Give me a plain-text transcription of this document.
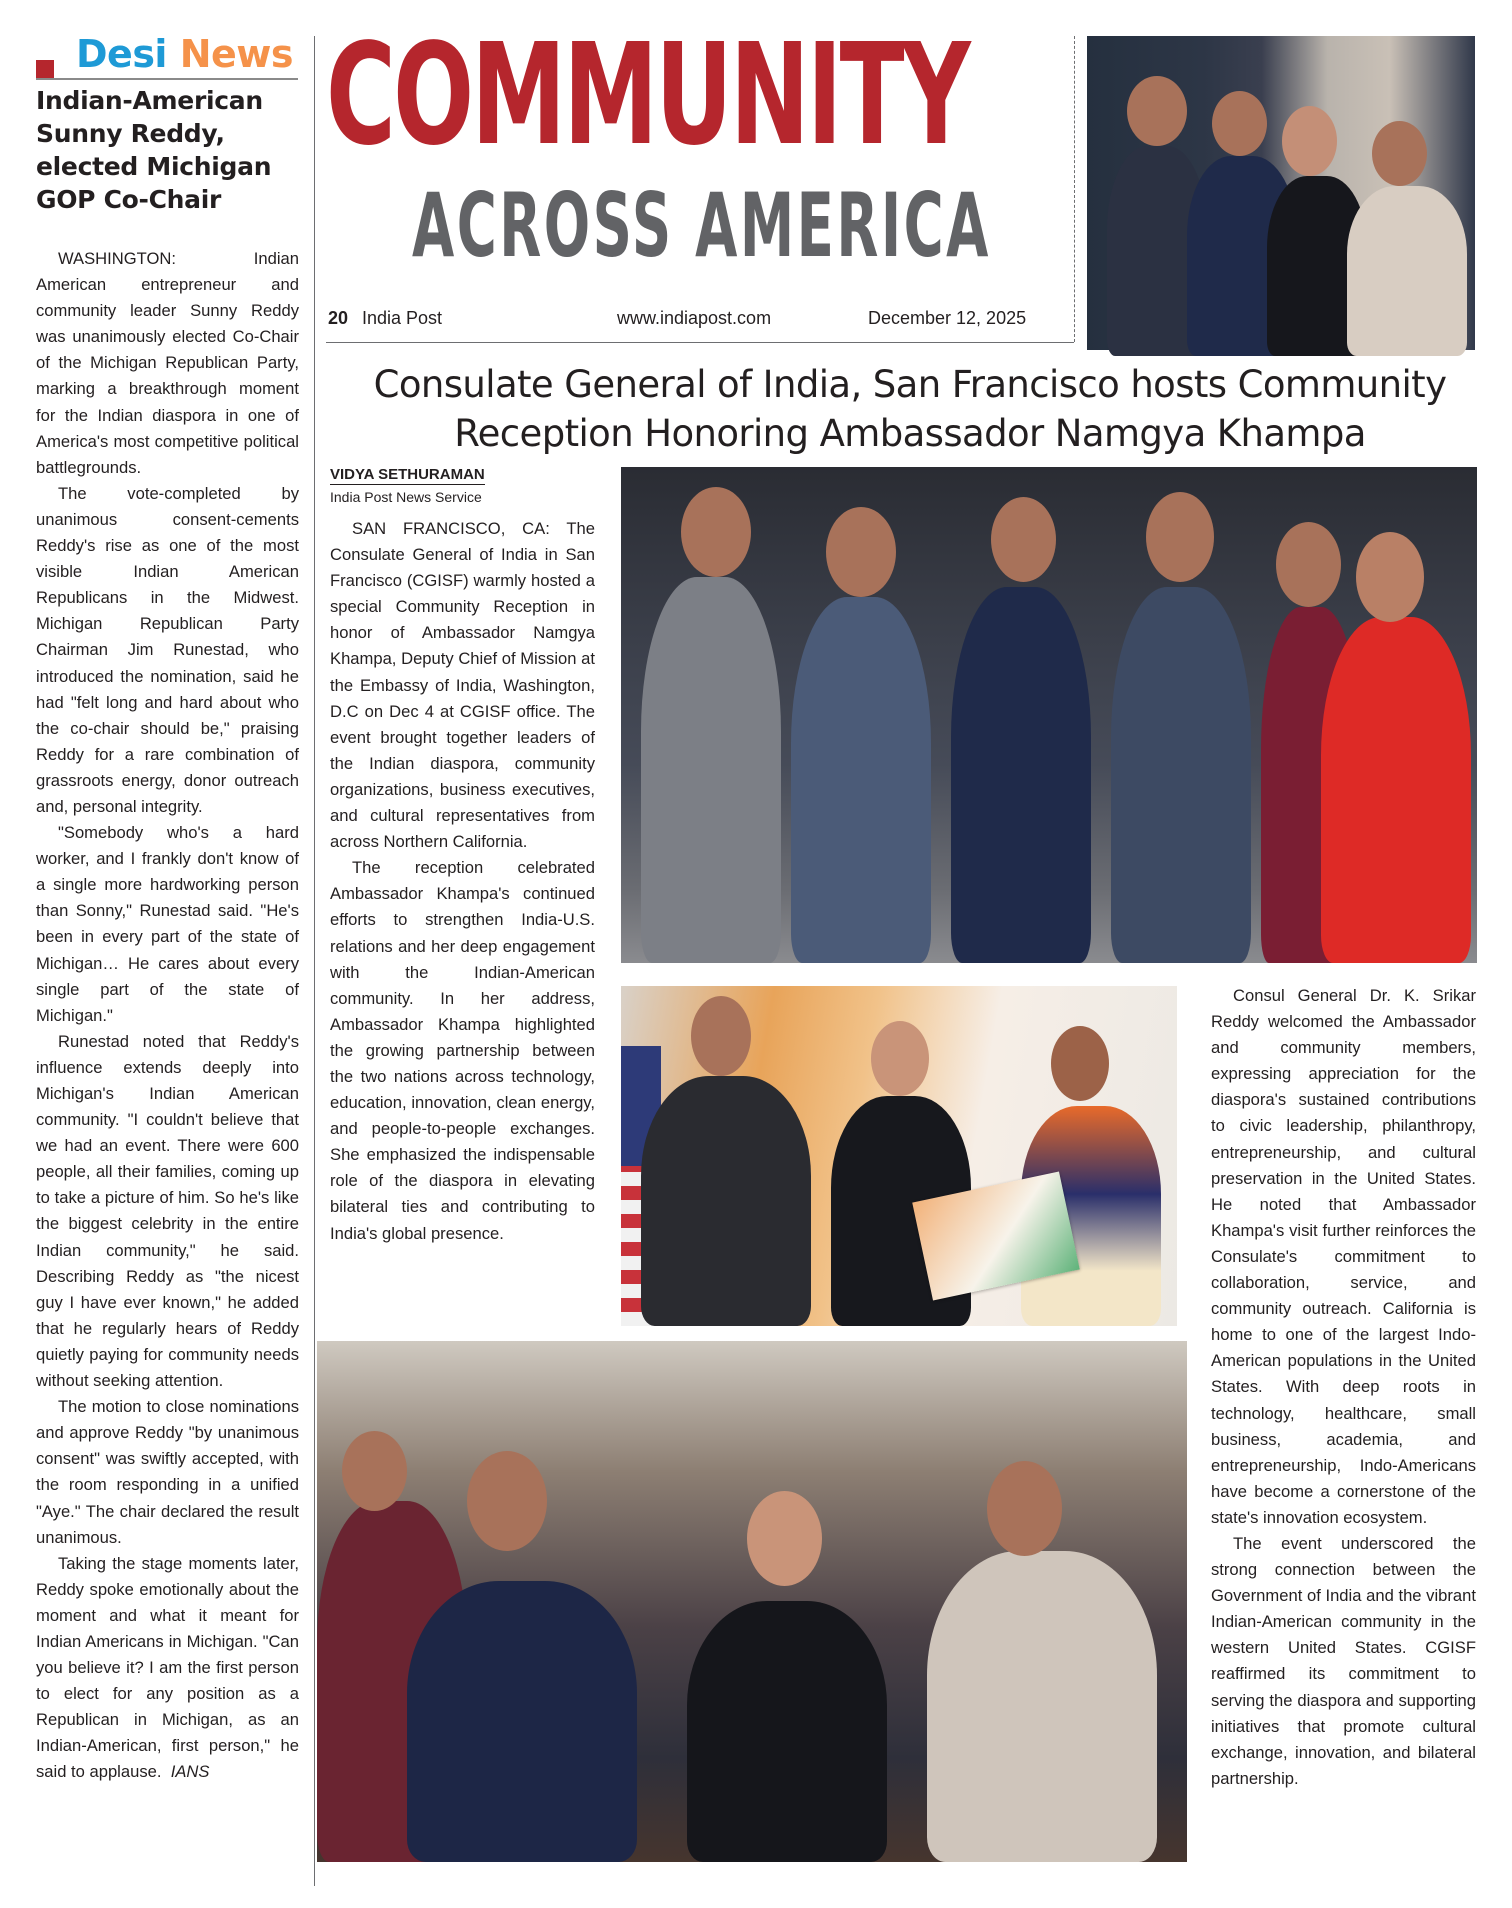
Desi News
Indian-American Sunny Reddy, elected Michigan GOP Co-Chair

WASHINGTON: Indian American entrepreneur and community leader Sunny Reddy was unanimously elected Co-Chair of the Michigan Republican Party, marking a breakthrough moment for the Indian diaspora in one of America's most competitive political battlegrounds.

The vote-completed by unanimous consent-cements Reddy's rise as one of the most visible Indian American Republicans in the Midwest. Michigan Republican Party Chairman Jim Runestad, who introduced the nomination, said he had "felt long and hard about who the co-chair should be," praising Reddy for a rare combination of grassroots energy, donor outreach and, personal integrity.

"Somebody who's a hard worker, and I frankly don't know of a single more hardworking person than Sonny," Runestad said. "He's been in every part of the state of Michigan… He cares about every single part of the state of Michigan."

Runestad noted that Reddy's influence extends deeply into Michigan's Indian American community. "I couldn't believe that we had an event. There were 600 people, all their families, coming up to take a picture of him. So he's like the biggest celebrity in the entire Indian community," he said. Describing Reddy as "the nicest guy I have ever known," he added that he regularly hears of Reddy quietly paying for community needs without seeking attention.

The motion to close nominations and approve Reddy "by unanimous consent" was swiftly accepted, with the room responding in a unified "Aye." The chair declared the result unanimous.

Taking the stage moments later, Reddy spoke emotionally about the moment and what it meant for Indian Americans in Michigan. "Can you believe it? I am the first person to elect for any position as a Republican in Michigan, as an Indian-American, first person," he said to applause. IANS

COMMUNITY
ACROSS AMERICA
20 India Post	www.indiapost.com	December 12, 2025
Consulate General of India, San Francisco hosts Community
Reception Honoring Ambassador Namgya Khampa
VIDYA SETHURAMAN
India Post News Service

SAN FRANCISCO, CA: The Consulate General of India in San Francisco (CGISF) warmly hosted a special Community Reception in honor of Ambassador Namgya Khampa, Deputy Chief of Mission at the Embassy of India, Washington, D.C on Dec 4 at CGISF office. The event brought together leaders of the Indian diaspora, community organizations, business executives, and cultural representatives from across Northern California.

The reception celebrated Ambassador Khampa's continued efforts to strengthen India-U.S. relations and her deep engagement with the Indian-American community. In her address, Ambassador Khampa highlighted the growing partnership between the two nations across technology, education, innovation, clean energy, and people-to-people exchanges. She emphasized the indispensable role of the diaspora in elevating bilateral ties and contributing to India's global presence.

Consul General Dr. K. Srikar Reddy welcomed the Ambassador and community members, expressing appreciation for the diaspora's sustained contributions to civic leadership, philanthropy, entrepreneurship, and cultural preservation in the United States. He noted that Ambassador Khampa's visit further reinforces the Consulate's commitment to collaboration, service, and community outreach. California is home to one of the largest Indo-American populations in the United States. With deep roots in technology, healthcare, small business, academia, and entrepreneurship, Indo-Americans have become a cornerstone of the state's innovation ecosystem.

The event underscored the strong connection between the Government of India and the vibrant Indian-American community in the western United States. CGISF reaffirmed its commitment to serving the diaspora and supporting initiatives that promote cultural exchange, innovation, and bilateral partnership.
